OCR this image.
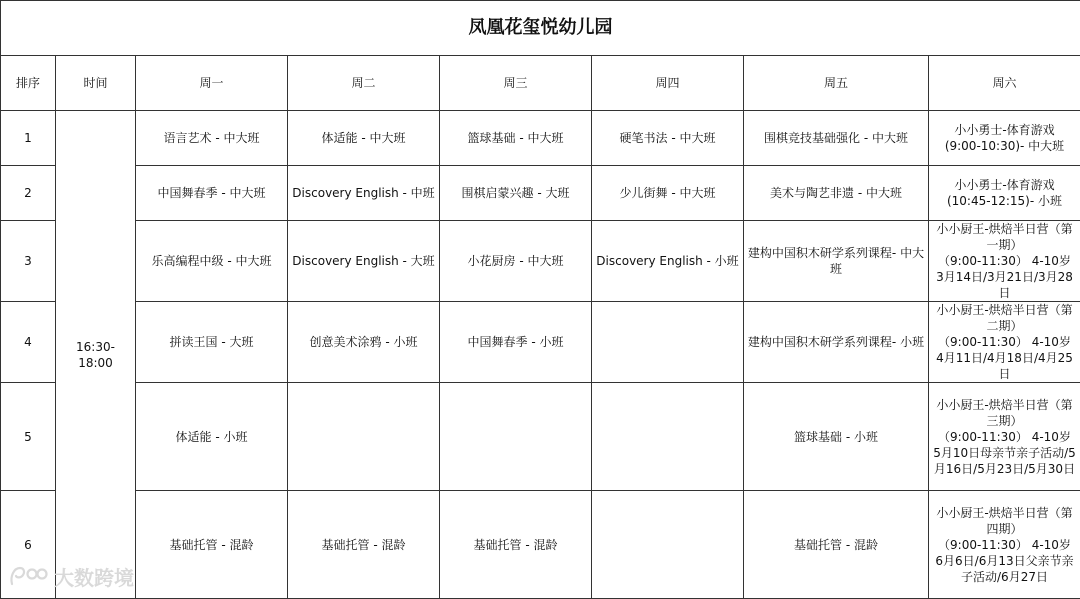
凤凰花玺悦幼儿园							
排序	时间	周一	周二	周三	周四	周五	周六
1	16:30-18:00	语言艺术 - 中大班	体适能 - 中大班	篮球基础 - 中大班	硬笔书法 - 中大班	围棋竞技基础强化 - 中大班	小小勇士-体育游戏
(9:00-10:30)- 中大班
2		中国舞春季 - 中大班	Discovery English - 中班	围棋启蒙兴趣 - 大班	少儿街舞 - 中大班	美术与陶艺非遗 - 中大班	小小勇士-体育游戏
(10:45-12:15)- 小班
3		乐高编程中级 - 中大班	Discovery English - 大班	小花厨房 - 中大班	Discovery English - 小班	建构中国积木研学系列课程- 中大班	小小厨王-烘焙半日营（第一期）
（9:00-11:30） 4-10岁
3月14日/3月21日/3月28日
4		拼读王国 - 大班	创意美术涂鸦 - 小班	中国舞春季 - 小班		建构中国积木研学系列课程- 小班	小小厨王-烘焙半日营（第二期）
（9:00-11:30） 4-10岁
4月11日/4月18日/4月25日
5		体适能 - 小班				篮球基础 - 小班	小小厨王-烘焙半日营（第三期）
（9:00-11:30） 4-10岁
5月10日母亲节亲子活动/5月16日/5月23日/5月30日
6		基础托管 - 混龄	基础托管 - 混龄	基础托管 - 混龄		基础托管 - 混龄	小小厨王-烘焙半日营（第四期）
（9:00-11:30） 4-10岁
6月6日/6月13日父亲节亲子活动/6月27日
大数跨境
